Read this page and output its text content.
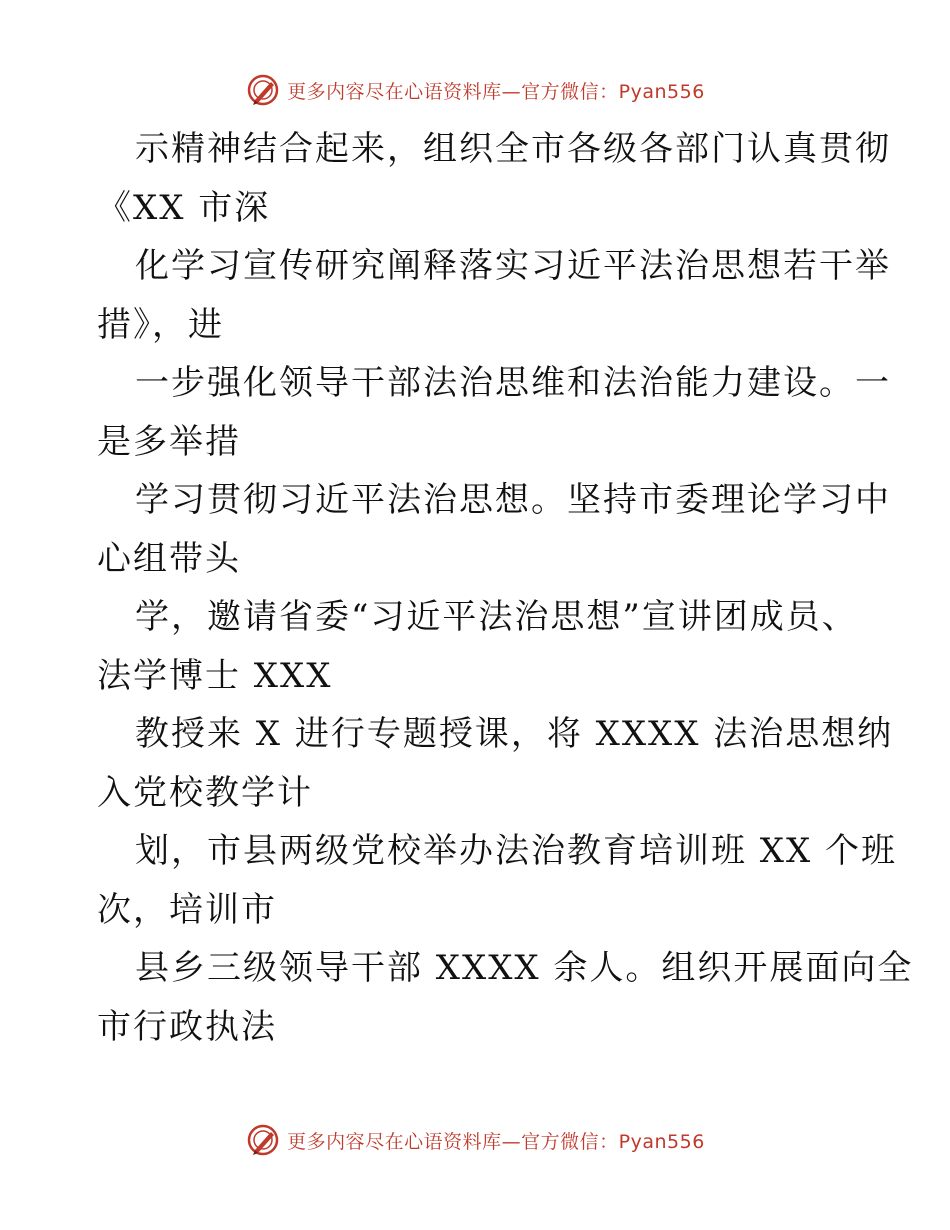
更多内容尽在心语资料库—官方微信：Pyan556
示精神结合起来，组织全市各级各部门认真贯彻
《XX 市深
化学习宣传研究阐释落实习近平法治思想若干举
措》，进
一步强化领导干部法治思维和法治能力建设。一
是多举措
学习贯彻习近平法治思想。坚持市委理论学习中
心组带头
学，邀请省委“习近平法治思想”宣讲团成员、
法学博士 XXX
教授来 X 进行专题授课，将 XXXX 法治思想纳
入党校教学计
划，市县两级党校举办法治教育培训班 XX 个班
次，培训市
县乡三级领导干部 XXXX 余人。组织开展面向全
市行政执法
更多内容尽在心语资料库—官方微信：Pyan556
